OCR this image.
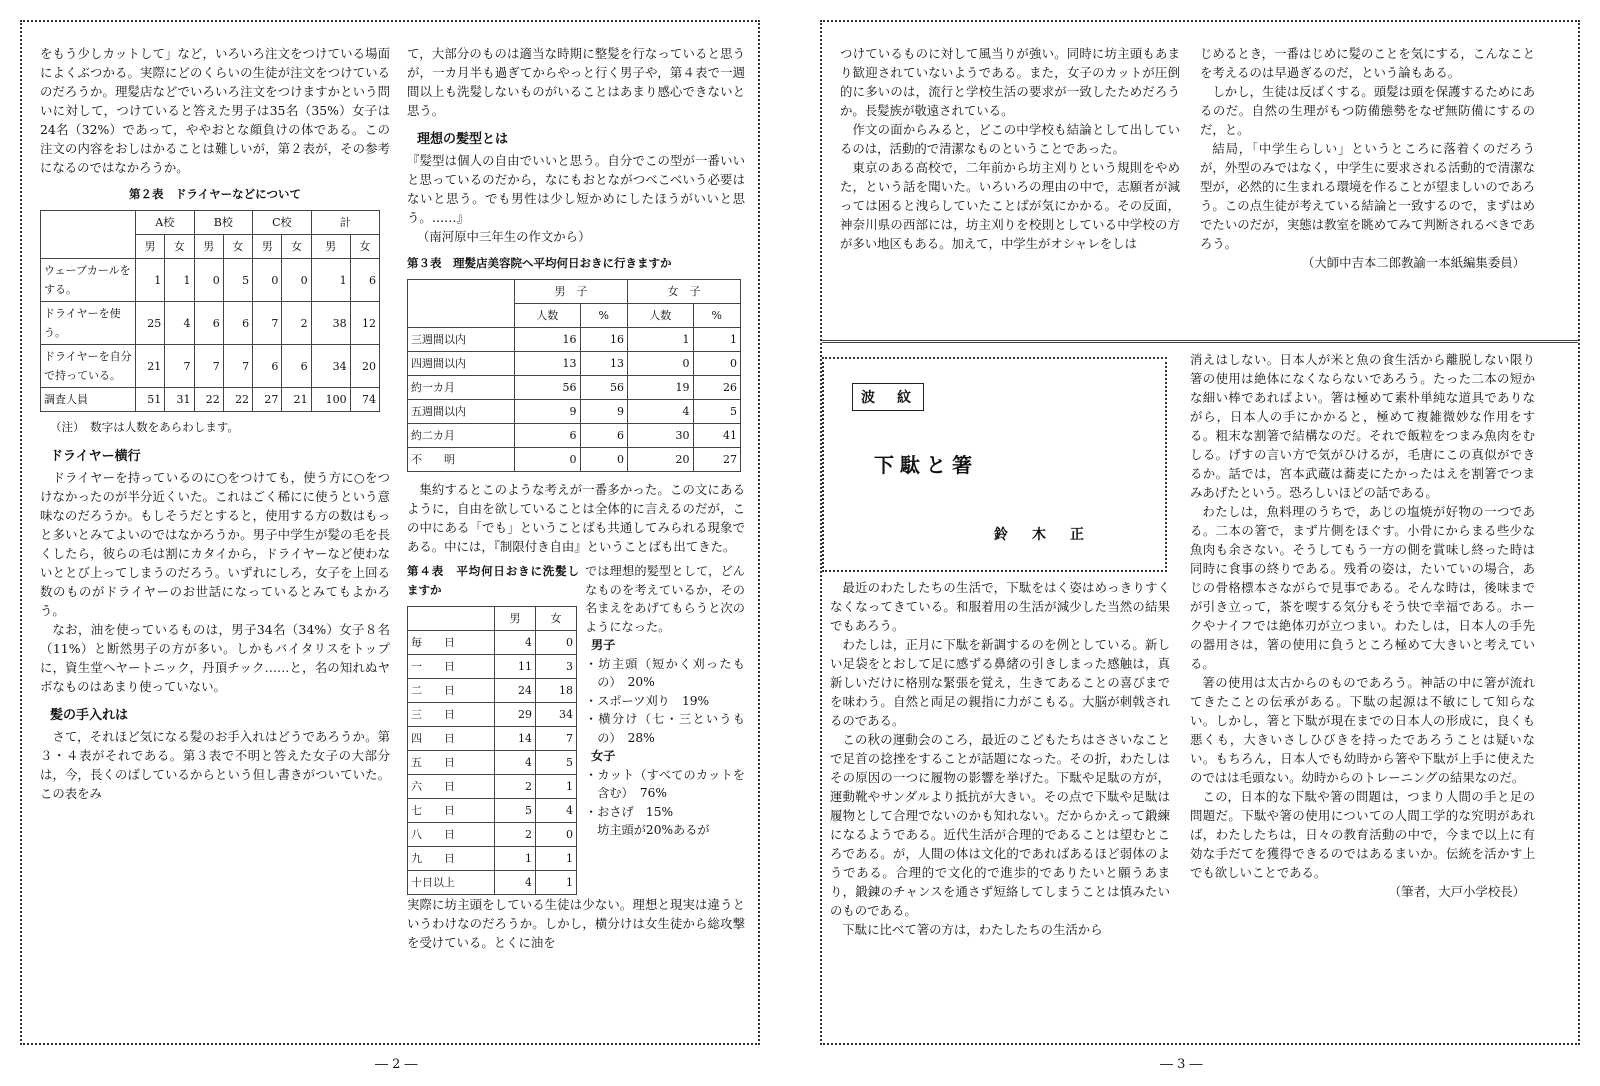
をもう少しカットして」など，いろいろ注文をつけている場面によくぶつかる。実際にどのくらいの生徒が注文をつけているのだろうか。理髪店などでいろいろ注文をつけますかという問いに対して，つけていると答えた男子は35名（35%）女子は24名（32%）であって，ややおとな顔負けの体である。この注文の内容をおしはかることは難しいが，第２表が，その参考になるのではなかろうか。

第２表　ドライヤーなどについて
	A校		B校		C校		計	
	男	女	男	女	男	女	男	女
ウェーブカールをする。	1	1	0	5	0	0	1	6
ドライヤーを使う。	25	4	6	6	7	2	38	12
ドライヤーを自分で持っている。	21	7	7	7	6	6	34	20
調査人員	51	31	22	22	27	21	100	74
（注）　数字は人数をあらわします。
ドライヤー横行

ドライヤーを持っているのに○をつけても，使う方に○をつけなかったのが半分近くいた。これはごく稀にに使うという意味なのだろうか。もしそうだとすると，使用する方の数はもっと多いとみてよいのではなかろうか。男子中学生が髪の毛を長くしたら，彼らの毛は割にカタイから，ドライヤーなど使わないととび上ってしまうのだろう。いずれにしろ，女子を上回る数のものがドライヤーのお世話になっているとみてもよかろう。

なお，油を使っているものは，男子34名（34%）女子８名（11%）と断然男子の方が多い。しかもバイタリスをトップに，資生堂ヘヤートニック，丹頂チック……と，名の知れぬヤボなものはあまり使っていない。

髪の手入れは

さて，それほど気になる髪のお手入れはどうであろうか。第３・４表がそれである。第３表で不明と答えた女子の大部分は，今，長くのばしているからという但し書きがついていた。この表をみ

て，大部分のものは適当な時期に整髪を行なっていると思うが，一カ月半も過ぎてからやっと行く男子や，第４表で一週間以上も洗髪しないものがいることはあまり感心できないと思う。

理想の髪型とは

『髪型は個人の自由でいいと思う。自分でこの型が一番いいと思っているのだから，なにもおとながつべこべいう必要はないと思う。でも男性は少し短かめにしたほうがいいと思う。……』

（南河原中三年生の作文から）

第３表　理髪店美容院へ平均何日おきに行きますか
	男　子		女　子	
	人数	%	人数	%
三週間以内	16	16	1	1
四週間以内	13	13	0	0
約一カ月	56	56	19	26
五週間以内	9	9	4	5
約二カ月	6	6	30	41
不　　明	0	0	20	27

集約するとこのような考えが一番多かった。この文にあるように，自由を欲していることは全体的に言えるのだが，この中にある「でも」ということばも共通してみられる現象である。中には，『制限付き自由』ということばも出てきた。

第４表　平均何日おきに洗髪しますか
	男	女
毎　　日	4	0
一　　日	11	3
二　　日	24	18
三　　日	29	34
四　　日	14	7
五　　日	4	5
六　　日	2	1
七　　日	5	4
八　　日	2	0
九　　日	1	1
十日以上	4	1
では理想的髪型として，どんなものを考えているか，その名まえをあげてもらうと次のようになった。
男子
・坊主頭（短かく刈ったもの）　20%
・スポーツ刈り　19%
・横分け（七・三というもの）　28%
女子
・カット（すべてのカットを含む）　76%
・おさげ　15%
坊主頭が20%あるが

実際に坊主頭をしている生徒は少ない。理想と現実は違うというわけなのだろうか。しかし，横分けは女生徒から総攻撃を受けている。とくに油を

― 2 ―

つけているものに対して風当りが強い。同時に坊主頭もあまり歓迎されていないようである。また，女子のカットが圧倒的に多いのは，流行と学校生活の要求が一致したためだろうか。長髪族が敬遠されている。

作文の面からみると，どこの中学校も結論として出しているのは，活動的で清潔なものということであった。

東京のある高校で，二年前から坊主刈りという規則をやめた，という話を聞いた。いろいろの理由の中で，志願者が減っては困ると洩らしていたことばが気にかかる。その反面，神奈川県の西部には，坊主刈りを校則としている中学校の方が多い地区もある。加えて，中学生がオシャレをしは

じめるとき，一番はじめに髪のことを気にする，こんなことを考えるのは早過ぎるのだ，という論もある。

しかし，生徒は反ばくする。頭髪は頭を保護するためにあるのだ。自然の生理がもつ防備態勢をなぜ無防備にするのだ，と。

結局，「中学生らしい」というところに落着くのだろうが，外型のみではなく，中学生に要求される活動的で清潔な型が，必然的に生まれる環境を作ることが望ましいのであろう。この点生徒が考えている結論と一致するので，まずはめでたいのだが，実態は教室を眺めてみて判断されるべきであろう。

（大師中吉本二郎教諭一本紙編集委員）
波　紋
下駄と箸
鈴木正

最近のわたしたちの生活で，下駄をはく姿はめっきりすくなくなってきている。和服着用の生活が減少した当然の結果でもあろう。

わたしは，正月に下駄を新調するのを例としている。新しい足袋をとおして足に感ずる鼻緒の引きしまった感触は，真新しいだけに格別な緊張を覚え，生きてあることの喜びまでを味わう。自然と両足の親指に力がこもる。大脳が刺戟されるのである。

この秋の運動会のころ，最近のこどもたちはささいなことで足首の捻挫をすることが話題になった。その折，わたしはその原因の一つに履物の影響を挙げた。下駄や足駄の方が，運動靴やサンダルより抵抗が大きい。その点で下駄や足駄は履物として合理でないのかも知れない。だからかえって鍛練になるようである。近代生活が合理的であることは望むところである。が，人間の体は文化的であればあるほど弱体のようである。合理的で文化的で進歩的でありたいと願うあまり，鍛錬のチャンスを通さず短絡してしまうことは慎みたいのものである。

下駄に比べて箸の方は，わたしたちの生活から

消えはしない。日本人が米と魚の食生活から離脱しない限り箸の使用は絶体になくならないであろう。たった二本の短かな細い棒であればよい。箸は極めて素朴単純な道具でありながら，日本人の手にかかると，極めて複雑微妙な作用をする。粗末な割箸で結構なのだ。それで飯粒をつまみ魚肉をむしる。げすの言い方で気がひけるが，毛唐にこの真似ができるか。話では，宮本武蔵は蕎麦にたかったはえを割箸でつまみあげたという。恐ろしいほどの話である。

わたしは，魚料理のうちで，あじの塩焼が好物の一つである。二本の箸で，まず片側をほぐす。小骨にからまる些少な魚肉も余さない。そうしてもう一方の側を賞味し終った時は同時に食事の終りである。残肴の姿は，たいていの場合，あじの骨格標本さながらで見事である。そんな時は，後味までが引き立って，茶を喫する気分もそう快で幸福である。ホークやナイフでは絶体刃が立つまい。わたしは，日本人の手先の器用さは，箸の使用に負うところ極めて大きいと考えている。

箸の使用は太古からのものであろう。神話の中に箸が流れてきたことの伝承がある。下駄の起源は不敏にして知らない。しかし，箸と下駄が現在までの日本人の形成に，良くも悪くも，大きいさしひびきを持ったであろうことは疑いない。もちろん，日本人でも幼時から箸や下駄が上手に使えたのではは毛頭ない。幼時からのトレーニングの結果なのだ。

この，日本的な下駄や箸の問題は，つまり人間の手と足の問題だ。下駄や箸の使用についての人間工学的な究明があれば，わたしたちは，日々の教育活動の中で，今まで以上に有効な手だてを獲得できるのではあるまいか。伝統を活かす上でも欲しいことである。

（筆者，大戸小学校長）
― 3 ―
